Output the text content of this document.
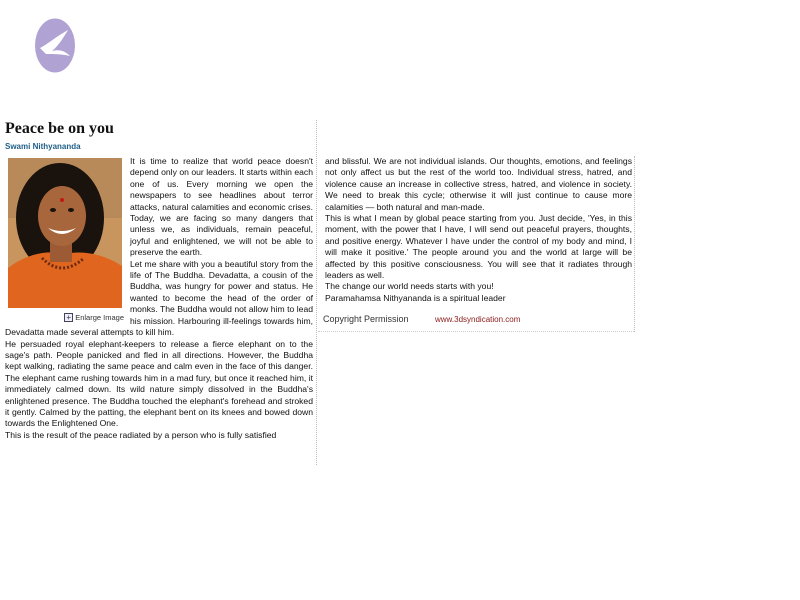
Peace be on you
Swami Nithyananda
+ Enlarge Image

It is time to realize that world peace doesn't depend only on our leaders. It starts within each one of us. Every morning we open the newspapers to see headlines about terror attacks, natural calamities and economic crises. Today, we are facing so many dangers that unless we, as individuals, remain peaceful, joyful and enlightened, we will not be able to preserve the earth.

Let me share with you a beautiful story from the life of The Buddha. Devadatta, a cousin of the Buddha, was hungry for power and status. He wanted to become the head of the order of monks. The Buddha would not allow him to lead his mission. Harbouring ill-feelings towards him, Devadatta made several attempts to kill him.

He persuaded royal elephant-keepers to release a fierce elephant on to the sage's path. People panicked and fled in all directions. However, the Buddha kept walking, radiating the same peace and calm even in the face of this danger. The elephant came rushing towards him in a mad fury, but once it reached him, it immediately calmed down. Its wild nature simply dissolved in the Buddha's enlightened presence. The Buddha touched the elephant's forehead and stroked it gently. Calmed by the patting, the elephant bent on its knees and bowed down towards the Enlightened One.

This is the result of the peace radiated by a person who is fully satisfied

and blissful. We are not individual islands. Our thoughts, emotions, and feelings not only affect us but the rest of the world too. Individual stress, hatred, and violence cause an increase in collective stress, hatred, and violence in society. We need to break this cycle; otherwise it will just continue to cause more calamities — both natural and man-made.

This is what I mean by global peace starting from you. Just decide, 'Yes, in this moment, with the power that I have, I will send out peaceful prayers, thoughts, and positive energy. Whatever I have under the control of my body and mind, I will make it positive.' The people around you and the world at large will be affected by this positive consciousness. You will see that it radiates through leaders as well.

The change our world needs starts with you!

Paramahamsa Nithyananda is a spiritual leader

Copyright Permission	www.3dsyndication.com
